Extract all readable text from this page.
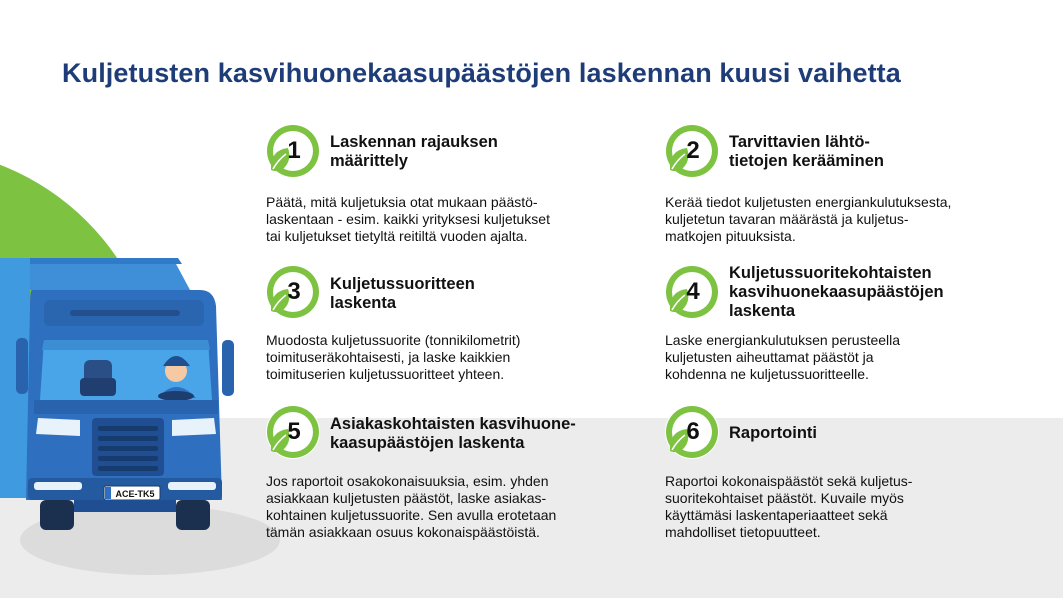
Kuljetusten kasvihuonekaasupäästöjen laskennan kuusi vaihetta
ACE-TK5
1	Laskennan rajauksen
määrittely
Päätä, mitä kuljetuksia otat mukaan päästö-
laskentaan - esim. kaikki yrityksesi kuljetukset
tai kuljetukset tietyltä reitiltä vuoden ajalta.
2	Tarvittavien lähtö-
tietojen kerääminen
Kerää tiedot kuljetusten energiankulutuksesta,
kuljetetun tavaran määrästä ja kuljetus-
matkojen pituuksista.
3	Kuljetussuoritteen
laskenta
Muodosta kuljetussuorite (tonnikilometrit)
toimituseräkohtaisesti, ja laske kaikkien
toimituserien kuljetussuoritteet yhteen.
4
Kuljetussuoritekohtaisten
kasvihuonekaasupäästöjen
laskenta
Laske energiankulutuksen perusteella
kuljetusten aiheuttamat päästöt ja
kohdenna ne kuljetussuoritteelle.
5	Asiakaskohtaisten kasvihuone-
kaasupäästöjen laskenta
Jos raportoit osakokonaisuuksia, esim. yhden
asiakkaan kuljetusten päästöt, laske asiakas-
kohtainen kuljetussuorite. Sen avulla erotetaan
tämän asiakkaan osuus kokonaispäästöistä.
6	Raportointi
Raportoi kokonaispäästöt sekä kuljetus-
suoritekohtaiset päästöt. Kuvaile myös
käyttämäsi laskentaperiaatteet sekä
mahdolliset tietopuutteet.
